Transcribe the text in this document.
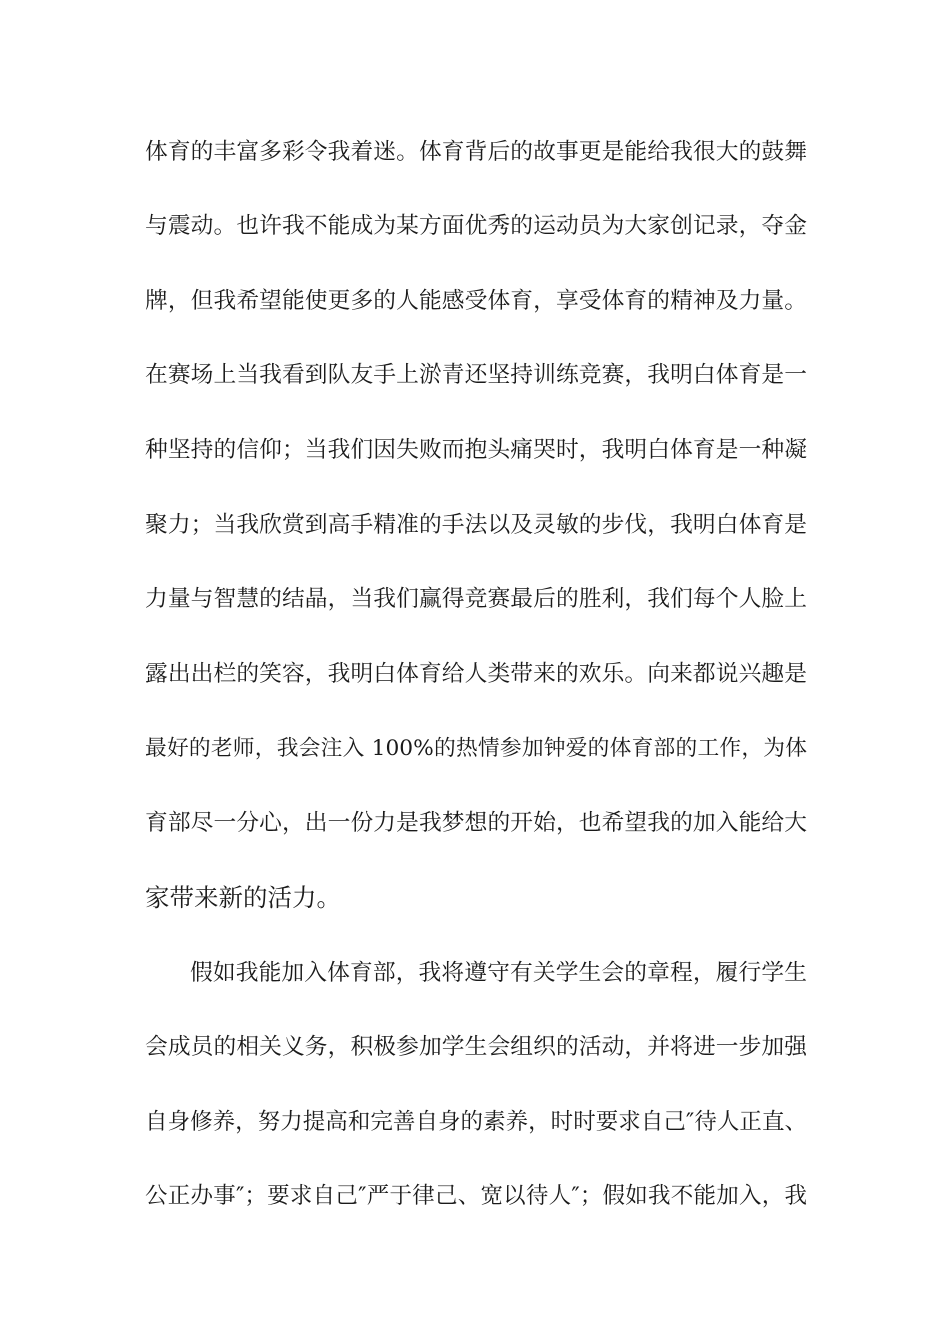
体育的丰富多彩令我着迷。体育背后的故事更是能给我很大的鼓舞
与震动。也许我不能成为某方面优秀的运动员为大家创记录，夺金
牌，但我希望能使更多的人能感受体育，享受体育的精神及力量。
在赛场上当我看到队友手上淤青还坚持训练竞赛，我明白体育是一
种坚持的信仰；当我们因失败而抱头痛哭时，我明白体育是一种凝
聚力；当我欣赏到高手精准的手法以及灵敏的步伐，我明白体育是
力量与智慧的结晶，当我们赢得竞赛最后的胜利，我们每个人脸上
露出出栏的笑容，我明白体育给人类带来的欢乐。向来都说兴趣是
最好的老师，我会注入 100%的热情参加钟爱的体育部的工作，为体
育部尽一分心，出一份力是我梦想的开始，也希望我的加入能给大
家带来新的活力。
假如我能加入体育部，我将遵守有关学生会的章程，履行学生
会成员的相关义务，积极参加学生会组织的活动，并将进一步加强
自身修养，努力提高和完善自身的素养，时时要求自己″待人正直、
公正办事″；要求自己″严于律己、宽以待人″；假如我不能加入，我
